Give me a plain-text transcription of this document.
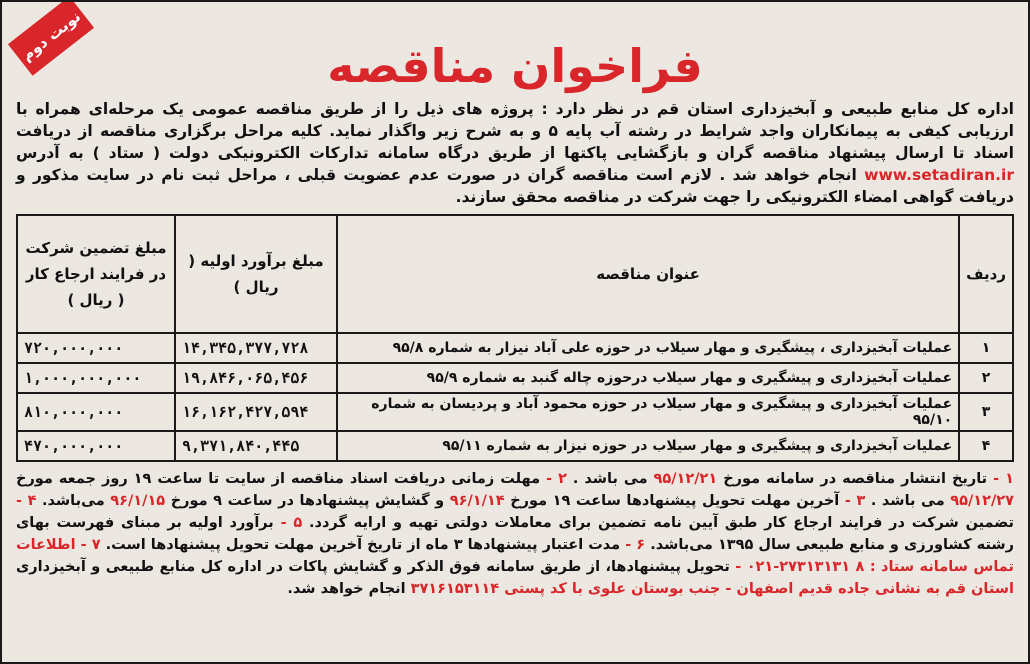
نوبت دوم
فراخوان مناقصه

اداره کل منابع طبیعی و آبخیزداری استان قم در نظر دارد : پروژه های ذیل را از طریق مناقصه عمومی یک مرحله‌ای همراه با ارزیابی کیفی به پیمانکاران واجد شرایط در رشته آب پایه ۵ و به شرح زیر واگذار نماید. کلیه مراحل برگزاری مناقصه از دریافت اسناد تا ارسال پیشنهاد مناقصه گران و بازگشایی پاکتها از طریق درگاه سامانه تدارکات الکترونیکی دولت ( ستاد ) به آدرس www.setadiran.ir انجام خواهد شد . لازم است مناقصه گران در صورت عدم عضویت قبلی ، مراحل ثبت نام در سایت مذکور و دریافت گواهی امضاء الکترونیکی را جهت شرکت در مناقصه محقق سازند.

ردیف	عنوان مناقصه	مبلغ برآورد اولیه ( ریال )	مبلغ تضمین شرکت در فرایند ارجاع کار ( ریال )
۱	عملیات آبخیزداری ، پیشگیری و مهار سیلاب در حوزه علی آباد نیزار به شماره ۹۵/۸	۱۴,۳۴۵,۳۷۷,۷۲۸	۷۲۰,۰۰۰,۰۰۰
۲	عملیات آبخیزداری و پیشگیری و مهار سیلاب درحوزه چاله گنبد به شماره ۹۵/۹	۱۹,۸۴۶,۰۶۵,۴۵۶	۱,۰۰۰,۰۰۰,۰۰۰
۳	عملیات آبخیزداری و پیشگیری و مهار سیلاب در حوزه محمود آباد و پردیسان به شماره ۹۵/۱۰	۱۶,۱۶۲,۴۲۷,۵۹۴	۸۱۰,۰۰۰,۰۰۰
۴	عملیات آبخیزداری و پیشگیری و مهار سیلاب در حوزه نیزار به شماره ۹۵/۱۱	۹,۳۷۱,۸۴۰,۴۴۵	۴۷۰,۰۰۰,۰۰۰

۱ - تاریخ انتشار مناقصه در سامانه مورخ ۹۵/۱۲/۲۱ می باشد . ۲ - مهلت زمانی دریافت اسناد مناقصه از سایت تا ساعت ۱۹ روز جمعه مورخ ۹۵/۱۲/۲۷ می باشد . ۳ - آخرین مهلت تحویل پیشنهادها ساعت ۱۹ مورخ ۹۶/۱/۱۴ و گشایش پیشنهادها در ساعت ۹ مورخ ۹۶/۱/۱۵ می‌باشد. ۴ - تضمین شرکت در فرایند ارجاع کار طبق آیین نامه تضمین برای معاملات دولتی تهیه و ارایه گردد. ۵ - برآورد اولیه بر مبنای فهرست بهای رشته کشاورزی و منابع طبیعی سال ۱۳۹۵ می‌باشد. ۶ - مدت اعتبار پیشنهادها ۳ ماه از تاریخ آخرین مهلت تحویل پیشنهادها است. ۷ - اطلاعات تماس سامانه ستاد : ۰۲۱-۲۷۳۱۳۱۳۱ ۸ - تحویل پیشنهادها، از طریق سامانه فوق الذکر و گشایش پاکات در اداره کل منابع طبیعی و آبخیزداری استان قم به نشانی جاده قدیم اصفهان - جنب بوستان علوی با کد پستی ۳۷۱۶۱۵۳۱۱۴ انجام خواهد شد.
